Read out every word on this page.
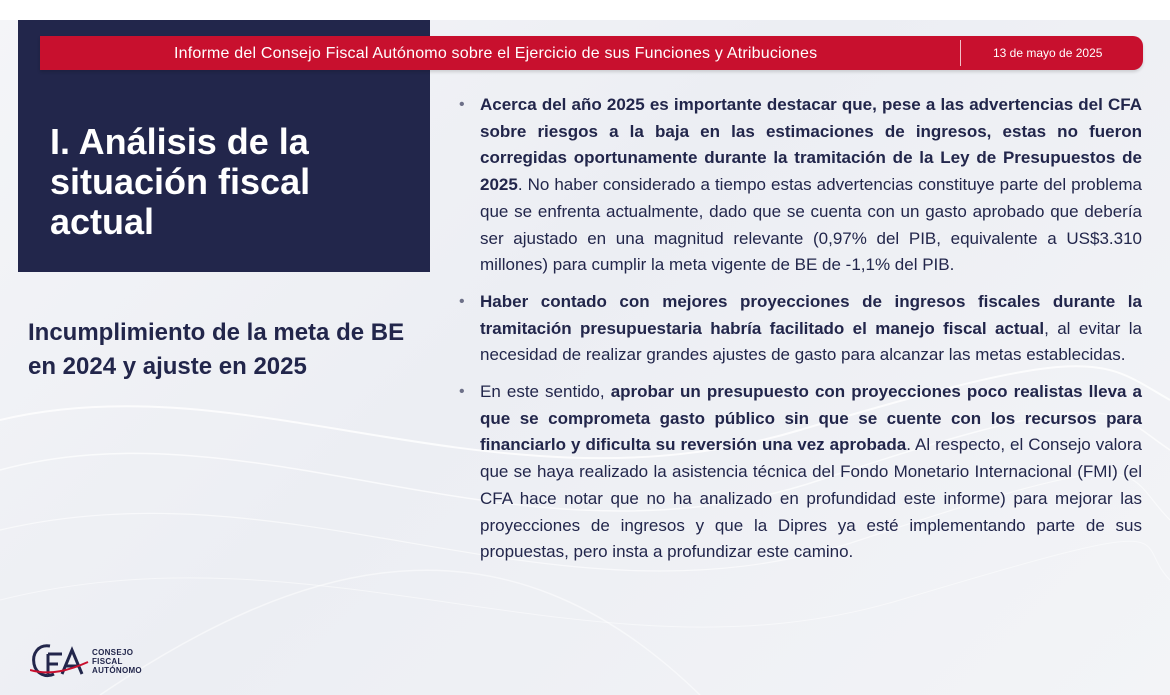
Informe del Consejo Fiscal Autónomo sobre el Ejercicio de sus Funciones y Atribuciones	13 de mayo de 2025
I. Análisis de la situación fiscal actual
Incumplimiento de la meta de BE en 2024 y ajuste en 2025
• Acerca del año 2025 es importante destacar que, pese a las advertencias del CFA sobre riesgos a la baja en las estimaciones de ingresos, estas no fueron corregidas oportunamente durante la tramitación de la Ley de Presupuestos de 2025. No haber considerado a tiempo estas advertencias constituye parte del problema que se enfrenta actualmente, dado que se cuenta con un gasto aprobado que debería ser ajustado en una magnitud relevante (0,97% del PIB, equivalente a US$3.310 millones) para cumplir la meta vigente de BE de -1,1% del PIB.
• Haber contado con mejores proyecciones de ingresos fiscales durante la tramitación presupuestaria habría facilitado el manejo fiscal actual, al evitar la necesidad de realizar grandes ajustes de gasto para alcanzar las metas establecidas.
• En este sentido, aprobar un presupuesto con proyecciones poco realistas lleva a que se comprometa gasto público sin que se cuente con los recursos para financiarlo y dificulta su reversión una vez aprobada. Al respecto, el Consejo valora que se haya realizado la asistencia técnica del Fondo Monetario Internacional (FMI) (el CFA hace notar que no ha analizado en profundidad este informe) para mejorar las proyecciones de ingresos y que la Dipres ya esté implementando parte de sus propuestas, pero insta a profundizar este camino.
CONSEJO
FISCAL
AUTÓNOMO
